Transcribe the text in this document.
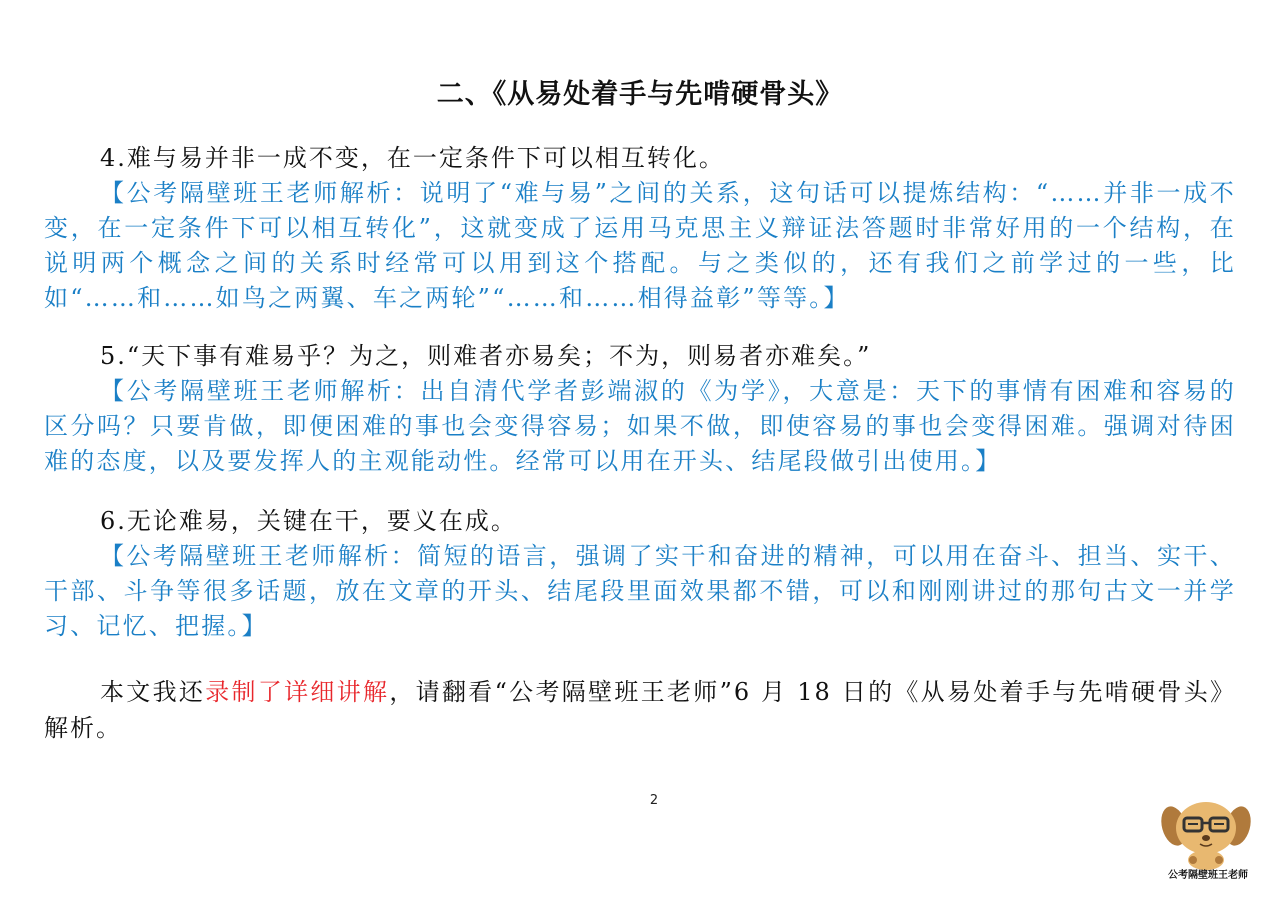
二、《从易处着手与先啃硬骨头》

4.难与易并非一成不变，在一定条件下可以相互转化。

【公考隔壁班王老师解析：说明了“难与易”之间的关系，这句话可以提炼结构：“……并非一成不变，在一定条件下可以相互转化”，这就变成了运用马克思主义辩证法答题时非常好用的一个结构，在说明两个概念之间的关系时经常可以用到这个搭配。与之类似的，还有我们之前学过的一些，比如“……和……如鸟之两翼、车之两轮”“……和……相得益彰”等等。】

5.“天下事有难易乎？为之，则难者亦易矣；不为，则易者亦难矣。”

【公考隔壁班王老师解析：出自清代学者彭端淑的《为学》，大意是：天下的事情有困难和容易的区分吗？只要肯做，即便困难的事也会变得容易；如果不做，即使容易的事也会变得困难。强调对待困难的态度，以及要发挥人的主观能动性。经常可以用在开头、结尾段做引出使用。】

6.无论难易，关键在干，要义在成。

【公考隔壁班王老师解析：简短的语言，强调了实干和奋进的精神，可以用在奋斗、担当、实干、干部、斗争等很多话题，放在文章的开头、结尾段里面效果都不错，可以和刚刚讲过的那句古文一并学习、记忆、把握。】

本文我还录制了详细讲解，请翻看“公考隔壁班王老师”6 月 18 日的《从易处着手与先啃硬骨头》解析。

2
公考隔壁班王老师
